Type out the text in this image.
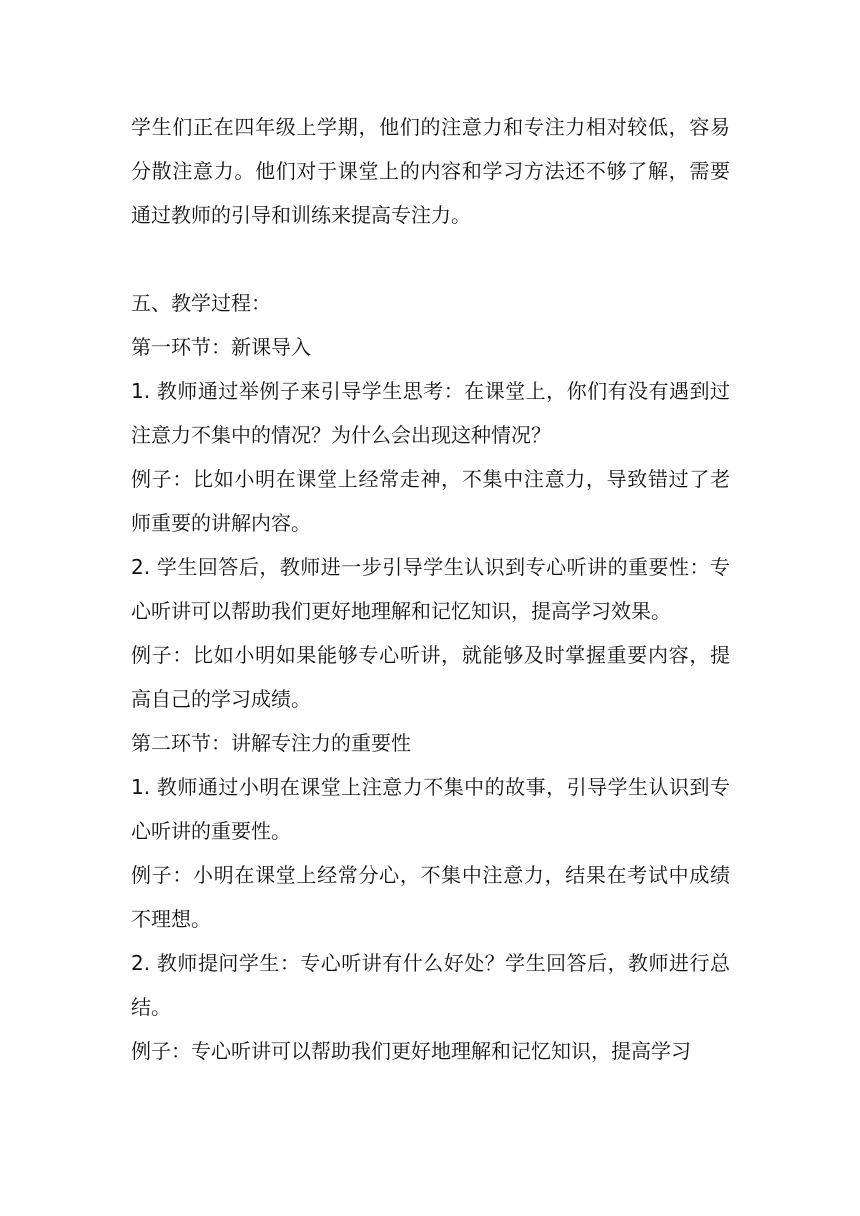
学生们正在四年级上学期，他们的注意力和专注力相对较低，容易分散注意力。他们对于课堂上的内容和学习方法还不够了解，需要通过教师的引导和训练来提高专注力。

五、教学过程：

第一环节：新课导入

1. 教师通过举例子来引导学生思考：在课堂上，你们有没有遇到过注意力不集中的情况？为什么会出现这种情况？

例子：比如小明在课堂上经常走神，不集中注意力，导致错过了老师重要的讲解内容。

2. 学生回答后，教师进一步引导学生认识到专心听讲的重要性：专心听讲可以帮助我们更好地理解和记忆知识，提高学习效果。

例子：比如小明如果能够专心听讲，就能够及时掌握重要内容，提高自己的学习成绩。

第二环节：讲解专注力的重要性

1. 教师通过小明在课堂上注意力不集中的故事，引导学生认识到专心听讲的重要性。

例子：小明在课堂上经常分心，不集中注意力，结果在考试中成绩不理想。

2. 教师提问学生：专心听讲有什么好处？学生回答后，教师进行总结。

例子：专心听讲可以帮助我们更好地理解和记忆知识，提高学习
